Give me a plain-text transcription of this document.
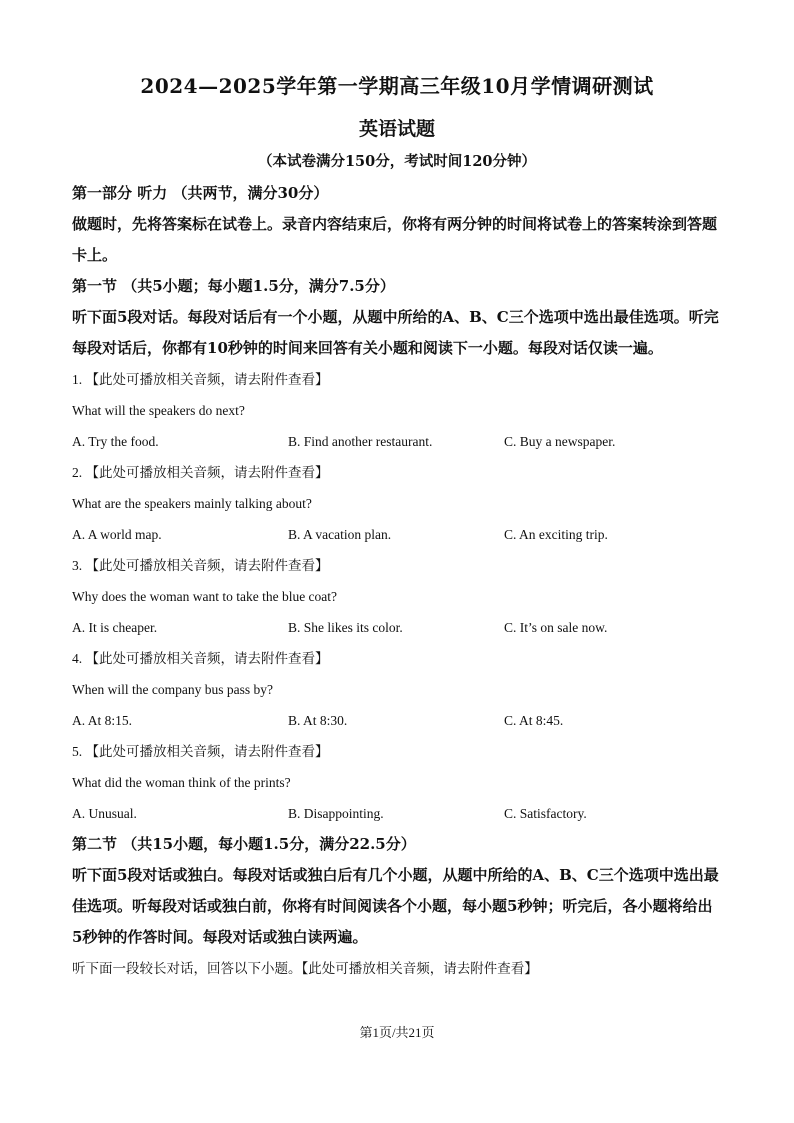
2024—2025学年第一学期高三年级10月学情调研测试
英语试题
（本试卷满分150分，考试时间120分钟）

第一部分 听力 （共两节，满分30分）

做题时，先将答案标在试卷上。录音内容结束后，你将有两分钟的时间将试卷上的答案转涂到答题卡上。

第一节 （共5小题；每小题1.5分，满分7.5分）

听下面5段对话。每段对话后有一个小题，从题中所给的A、B、C三个选项中选出最佳选项。听完每段对话后，你都有10秒钟的时间来回答有关小题和阅读下一小题。每段对话仅读一遍。

1. 【此处可播放相关音频，请去附件查看】

What will the speakers do next?

A. Try the food.	B. Find another restaurant.	C. Buy a newspaper.

2. 【此处可播放相关音频，请去附件查看】

What are the speakers mainly talking about?

A. A world map.	B. A vacation plan.	C. An exciting trip.

3. 【此处可播放相关音频，请去附件查看】

Why does the woman want to take the blue coat?

A. It is cheaper.	B. She likes its color.	C. It’s on sale now.

4. 【此处可播放相关音频，请去附件查看】

When will the company bus pass by?

A. At 8:15.	B. At 8:30.	C. At 8:45.

5. 【此处可播放相关音频，请去附件查看】

What did the woman think of the prints?

A. Unusual.	B. Disappointing.	C. Satisfactory.

第二节 （共15小题，每小题1.5分，满分22.5分）

听下面5段对话或独白。每段对话或独白后有几个小题，从题中所给的A、B、C三个选项中选出最佳选项。听每段对话或独白前，你将有时间阅读各个小题，每小题5秒钟；听完后，各小题将给出5秒钟的作答时间。每段对话或独白读两遍。

听下面一段较长对话，回答以下小题。【此处可播放相关音频，请去附件查看】

第1页/共21页
